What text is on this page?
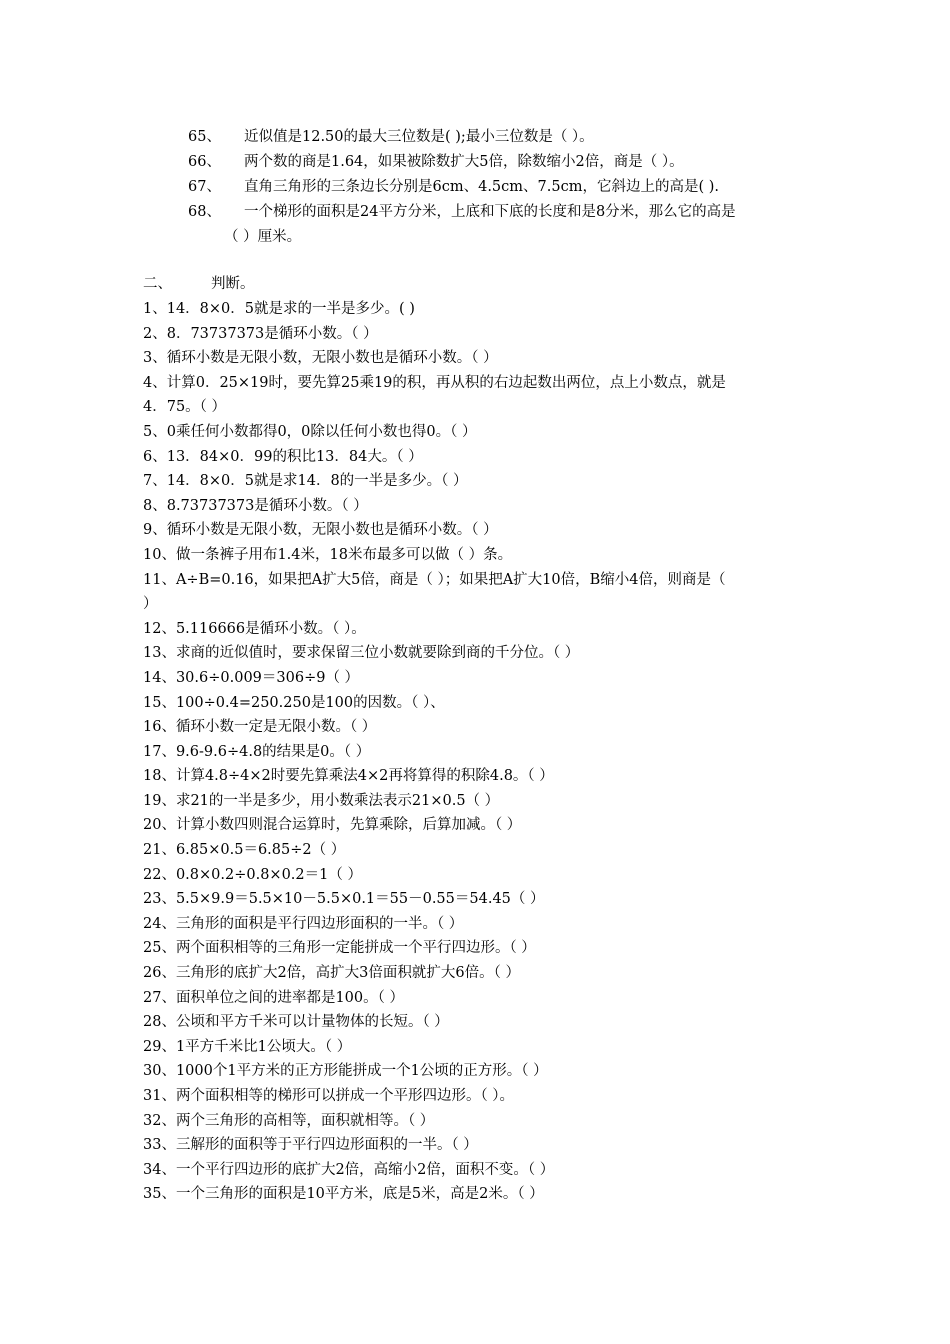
65、	近似值是12.50的最大三位数是( );最小三位数是（ ）。
66、	两个数的商是1.64，如果被除数扩大5倍，除数缩小2倍，商是（ ）。
67、	直角三角形的三条边长分别是6cm、4.5cm、7.5cm，它斜边上的高是( ).
68、	一个梯形的面积是24平方分米，上底和下底的长度和是8分米，那么它的高是
（ ）厘米。
二、	判断。
1、14．8×0．5就是求的一半是多少。( )
2、8．73737373是循环小数。（ ）
3、循环小数是无限小数，无限小数也是循环小数。（ ）
4、计算0．25×19时，要先算25乘19的积，再从积的右边起数出两位，点上小数点，就是
4．75。（ ）
5、0乘任何小数都得0，0除以任何小数也得0。（ ）
6、13．84×0．99的积比13．84大。（ ）
7、14．8×0．5就是求14．8的一半是多少。（ ）
8、8.73737373是循环小数。（ ）
9、循环小数是无限小数，无限小数也是循环小数。（ ）
10、做一条裤子用布1.4米，18米布最多可以做（ ）条。
11、A÷B=0.16，如果把A扩大5倍，商是（ ）；如果把A扩大10倍，B缩小4倍，则商是（
）
12、5.116666是循环小数。（ ）。
13、求商的近似值时，要求保留三位小数就要除到商的千分位。（ ）
14、30.6÷0.009＝306÷9（ ）
15、100÷0.4=250.250是100的因数。（ ）、
16、循环小数一定是无限小数。（ ）
17、9.6-9.6÷4.8的结果是0。（ ）
18、计算4.8÷4×2时要先算乘法4×2再将算得的积除4.8。（ ）
19、求21的一半是多少，用小数乘法表示21×0.5（ ）
20、计算小数四则混合运算时，先算乘除，后算加减。（ ）
21、6.85×0.5＝6.85÷2（ ）
22、0.8×0.2÷0.8×0.2＝1（ ）
23、5.5×9.9＝5.5×10－5.5×0.1＝55－0.55＝54.45（ ）
24、三角形的面积是平行四边形面积的一半。（ ）
25、两个面积相等的三角形一定能拼成一个平行四边形。（ ）
26、三角形的底扩大2倍，高扩大3倍面积就扩大6倍。（ ）
27、面积单位之间的进率都是100。（ ）
28、公顷和平方千米可以计量物体的长短。（ ）
29、1平方千米比1公顷大。（ ）
30、1000个1平方米的正方形能拼成一个1公顷的正方形。（ ）
31、两个面积相等的梯形可以拼成一个平形四边形。（ ）。
32、两个三角形的高相等，面积就相等。（ ）
33、三解形的面积等于平行四边形面积的一半。（ ）
34、一个平行四边形的底扩大2倍，高缩小2倍，面积不变。（ ）
35、一个三角形的面积是10平方米，底是5米，高是2米。（ ）
